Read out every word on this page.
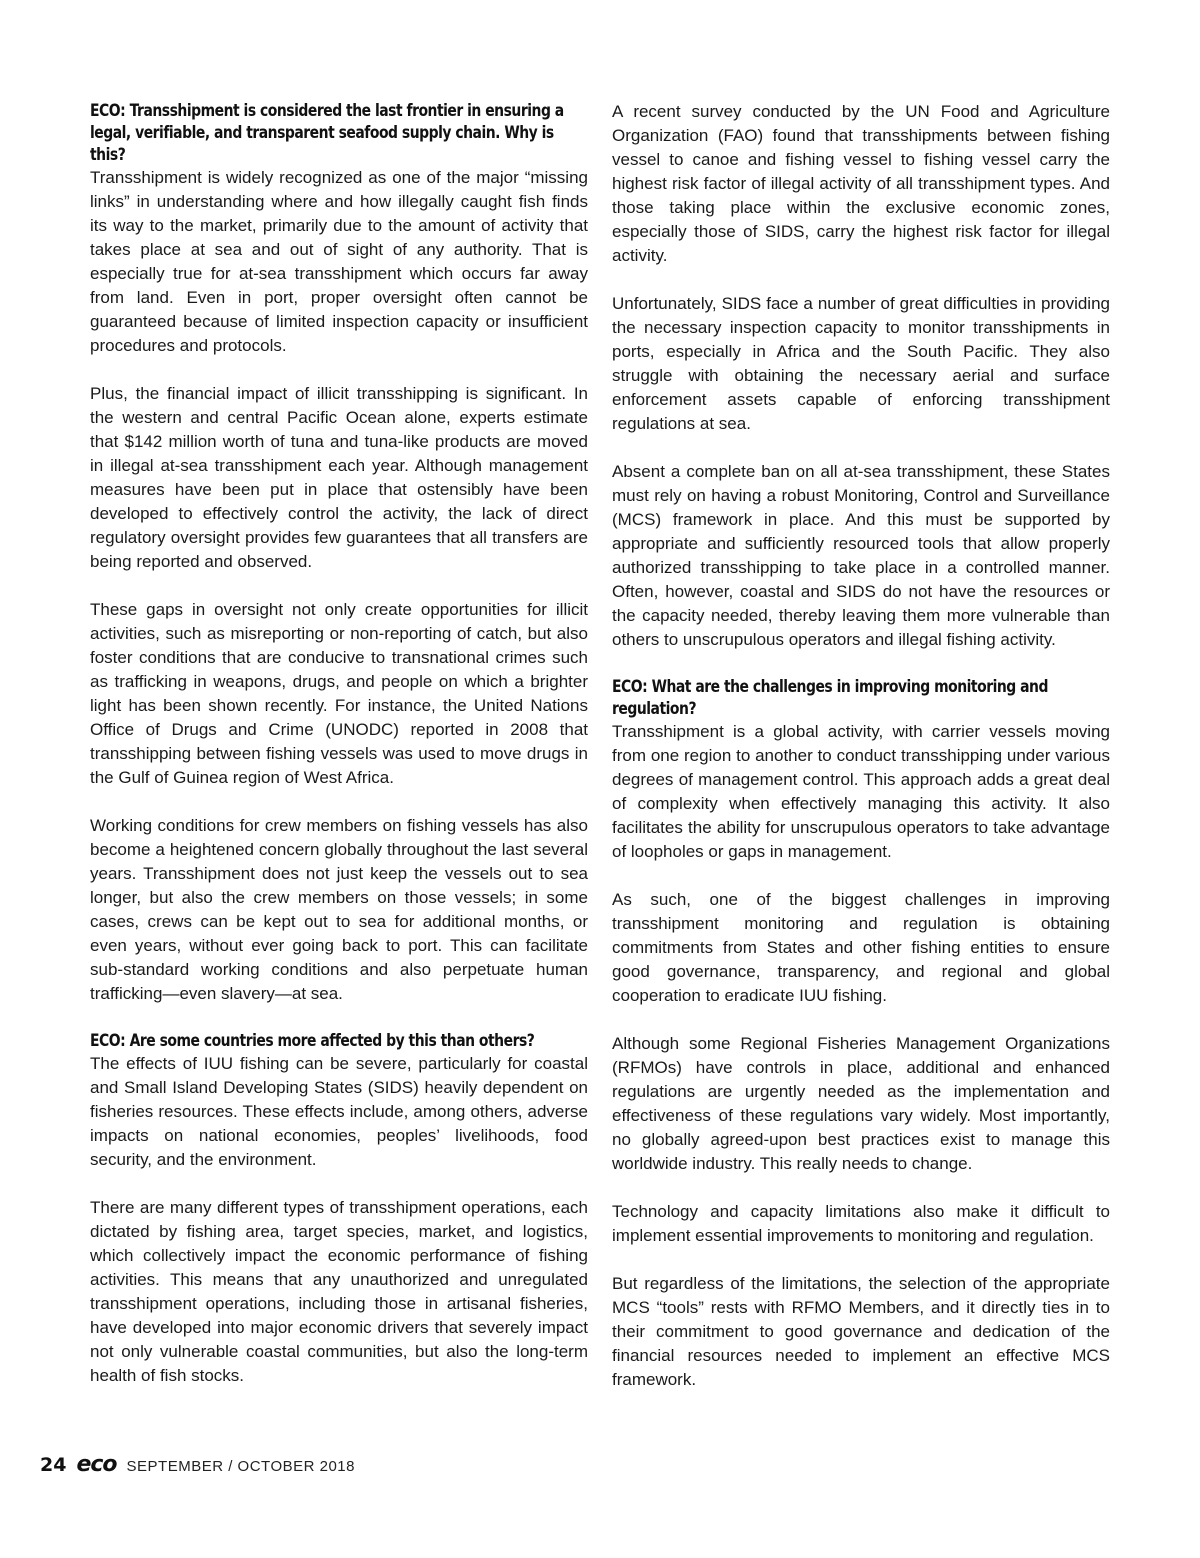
ECO: Transshipment is considered the last frontier in ensuring a legal, verifiable, and transparent seafood supply chain. Why is this?

Transshipment is widely recognized as one of the major “missing links” in understanding where and how illegally caught fish finds its way to the market, primarily due to the amount of activity that takes place at sea and out of sight of any authority. That is especially true for at-sea transshipment which occurs far away from land. Even in port, proper oversight often cannot be guaranteed because of limited inspection capacity or insufficient procedures and protocols.

Plus, the financial impact of illicit transshipping is significant. In the western and central Pacific Ocean alone, experts estimate that $142 million worth of tuna and tuna-like products are moved in illegal at-sea transshipment each year. Although management measures have been put in place that ostensibly have been developed to effectively control the activity, the lack of direct regulatory oversight provides few guarantees that all transfers are being reported and observed.

These gaps in oversight not only create opportunities for illicit activities, such as misreporting or non-reporting of catch, but also foster conditions that are conducive to transnational crimes such as trafficking in weapons, drugs, and people on which a brighter light has been shown recently. For instance, the United Nations Office of Drugs and Crime (UNODC) reported in 2008 that transshipping between fishing vessels was used to move drugs in the Gulf of Guinea region of West Africa.

Working conditions for crew members on fishing vessels has also become a heightened concern globally throughout the last several years. Transshipment does not just keep the vessels out to sea longer, but also the crew members on those vessels; in some cases, crews can be kept out to sea for additional months, or even years, without ever going back to port. This can facilitate sub-standard working conditions and also perpetuate human trafficking—even slavery—at sea.

ECO: Are some countries more affected by this than others?

The effects of IUU fishing can be severe, particularly for coastal and Small Island Developing States (SIDS) heavily dependent on fisheries resources. These effects include, among others, adverse impacts on national economies, peoples’ livelihoods, food security, and the environment.

There are many different types of transshipment operations, each dictated by fishing area, target species, market, and logistics, which collectively impact the economic performance of fishing activities. This means that any unauthorized and unregulated transshipment operations, including those in artisanal fisheries, have developed into major economic drivers that severely impact not only vulnerable coastal communities, but also the long-term health of fish stocks.

A recent survey conducted by the UN Food and Agriculture Organization (FAO) found that transshipments between fishing vessel to canoe and fishing vessel to fishing vessel carry the highest risk factor of illegal activity of all transshipment types. And those taking place within the exclusive economic zones, especially those of SIDS, carry the highest risk factor for illegal activity.

Unfortunately, SIDS face a number of great difficulties in providing the necessary inspection capacity to monitor transshipments in ports, especially in Africa and the South Pacific. They also struggle with obtaining the necessary aerial and surface enforcement assets capable of enforcing transshipment regulations at sea.

Absent a complete ban on all at-sea transshipment, these States must rely on having a robust Monitoring, Control and Surveillance (MCS) framework in place. And this must be supported by appropriate and sufficiently resourced tools that allow properly authorized transshipping to take place in a controlled manner. Often, however, coastal and SIDS do not have the resources or the capacity needed, thereby leaving them more vulnerable than others to unscrupulous operators and illegal fishing activity.

ECO: What are the challenges in improving monitoring and regulation?

Transshipment is a global activity, with carrier vessels moving from one region to another to conduct transshipping under various degrees of management control. This approach adds a great deal of complexity when effectively managing this activity. It also facilitates the ability for unscrupulous operators to take advantage of loopholes or gaps in management.

As such, one of the biggest challenges in improving transshipment monitoring and regulation is obtaining commitments from States and other fishing entities to ensure good governance, transparency, and regional and global cooperation to eradicate IUU fishing.

Although some Regional Fisheries Management Organizations (RFMOs) have controls in place, additional and enhanced regulations are urgently needed as the implementation and effectiveness of these regulations vary widely. Most importantly, no globally agreed-upon best practices exist to manage this worldwide industry. This really needs to change.

Technology and capacity limitations also make it difficult to implement essential improvements to monitoring and regulation.

But regardless of the limitations, the selection of the appropriate MCS “tools” rests with RFMO Members, and it directly ties in to their commitment to good governance and dedication of the financial resources needed to implement an effective MCS framework.

24 eco SEPTEMBER / OCTOBER 2018
